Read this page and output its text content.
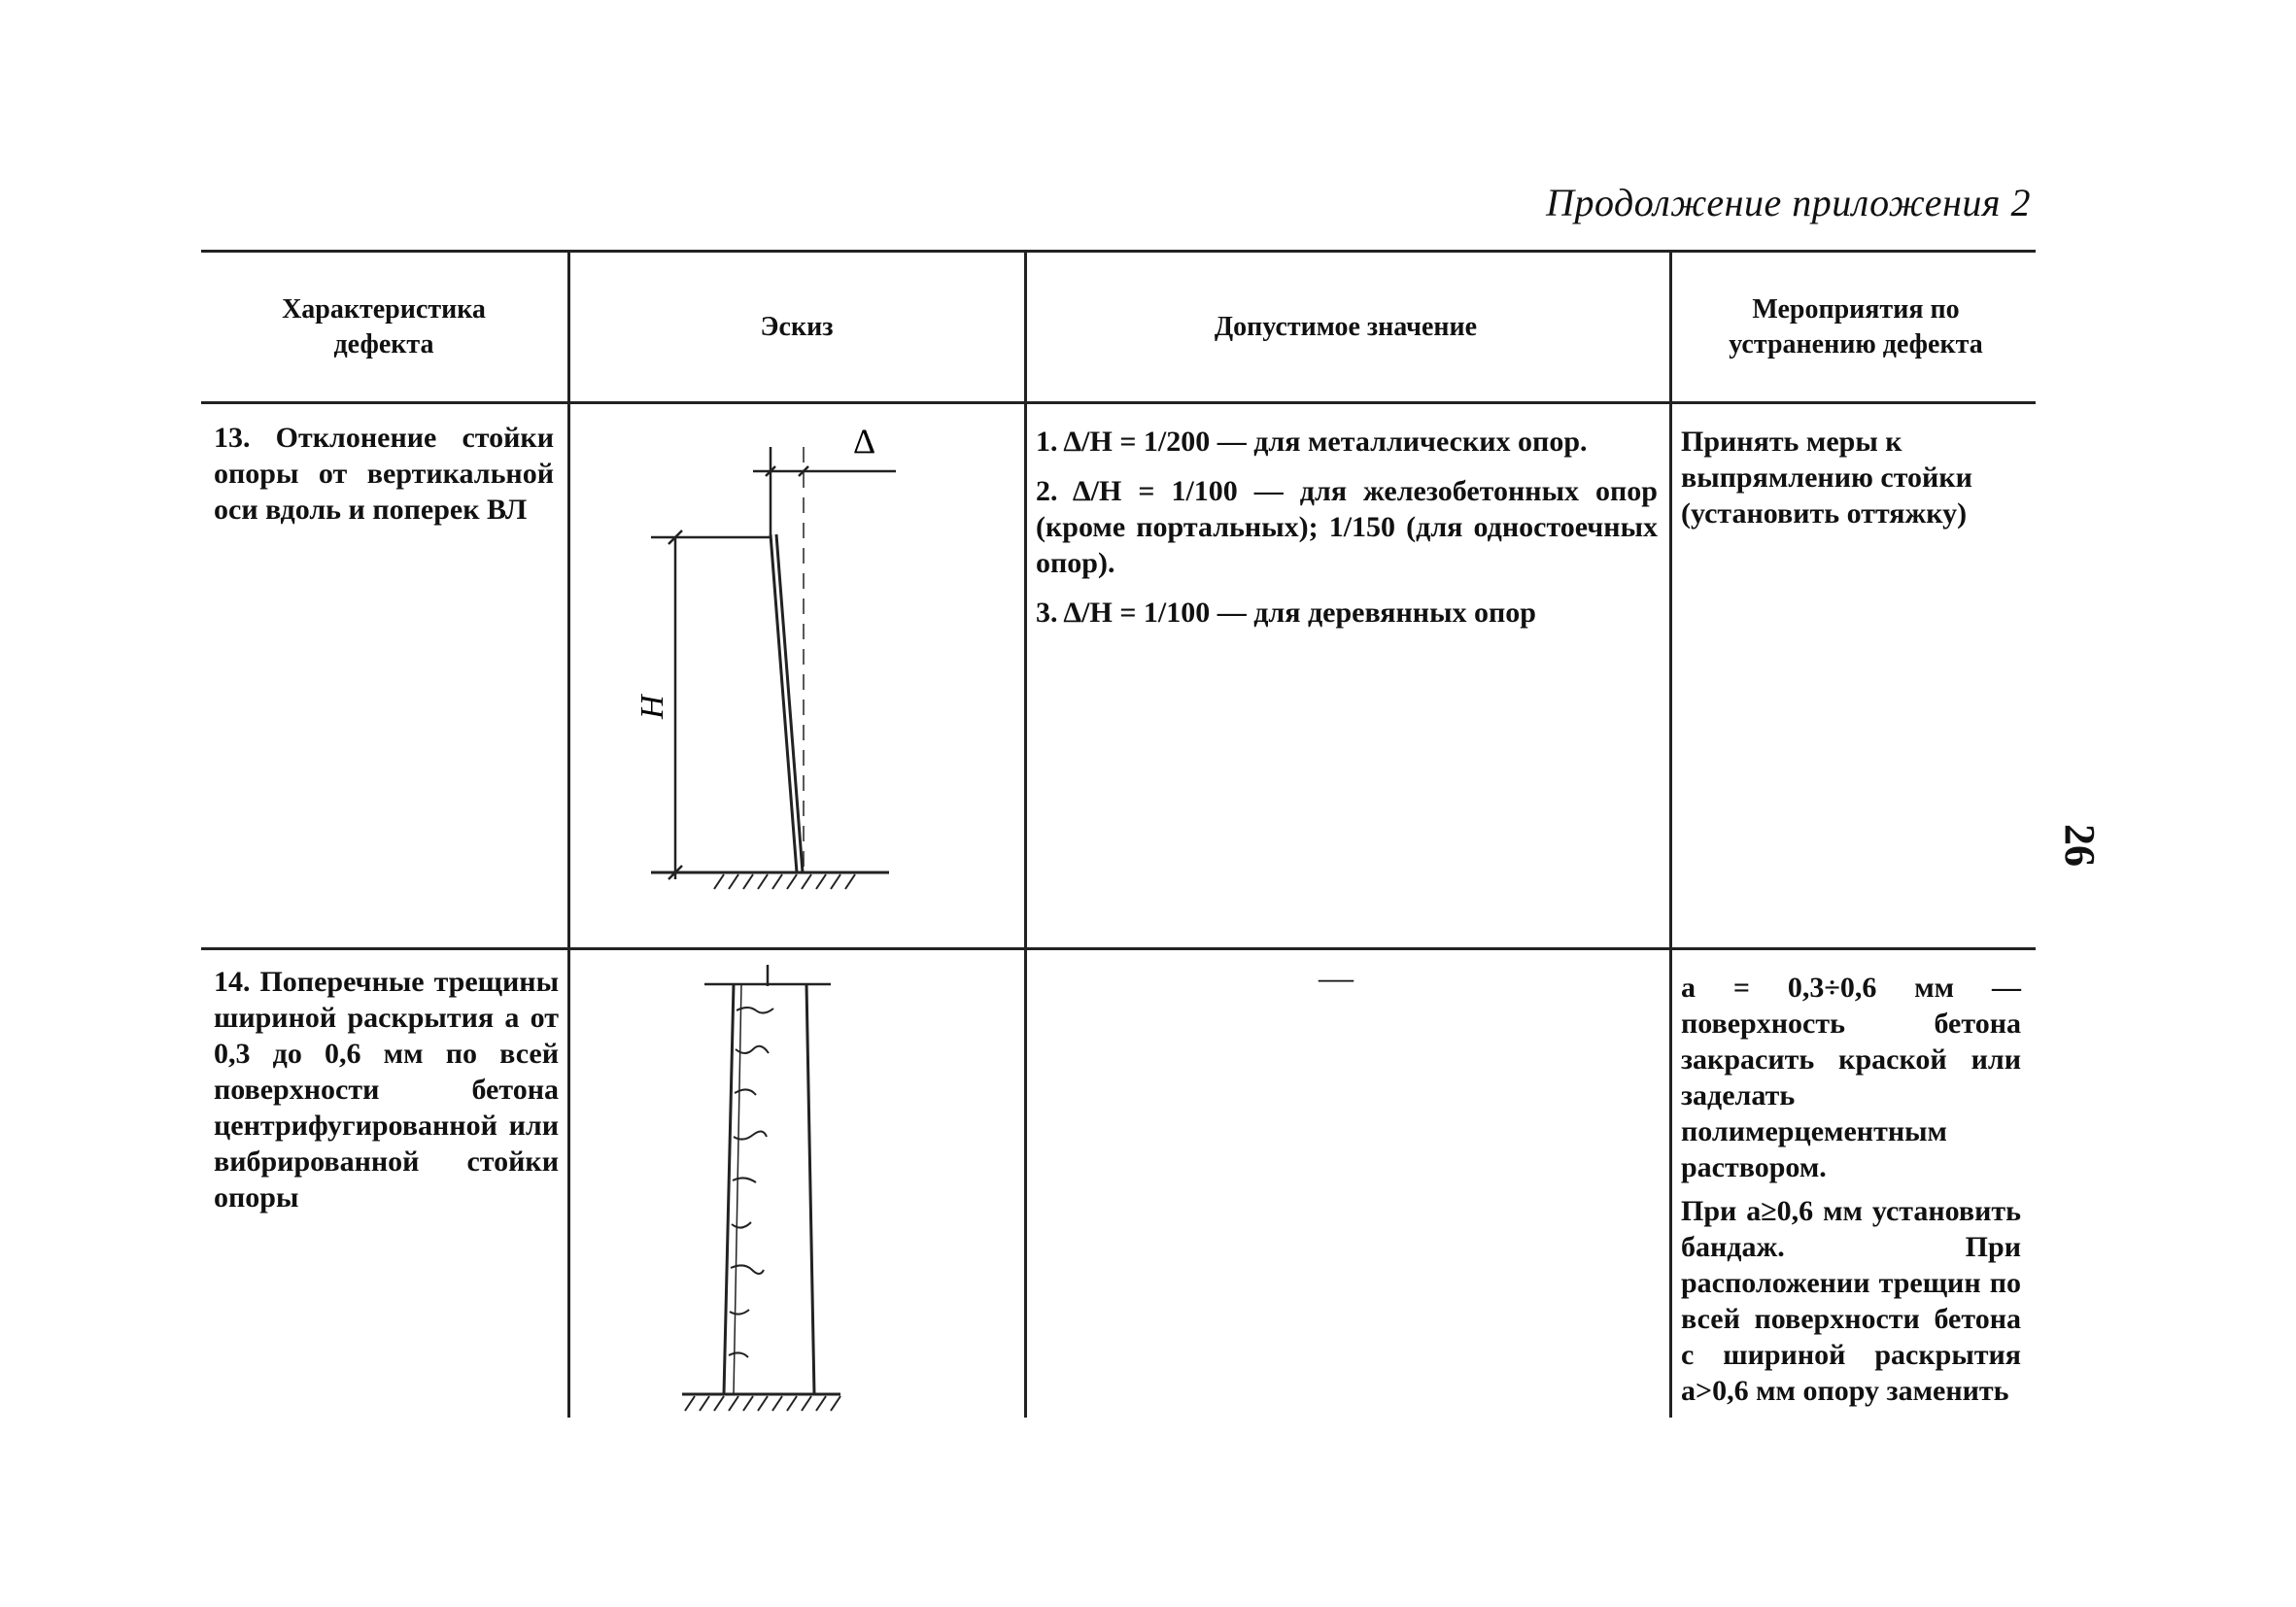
Продолжение приложения 2
26
Характеристика дефекта
Эскиз	Допустимое значение
Мероприятия по устранению дефекта
13. Отклонение стойки опоры от вертикальной оси вдоль и поперек ВЛ
Δ
H

1. Δ/H = 1/200 — для металлических опор.

2. Δ/H = 1/100 — для железобетонных опор (кроме портальных); 1/150 (для одностоечных опор).

3. Δ/H = 1/100 — для деревянных опор

Принять меры к выпрямлению стойки (установить оттяжку)
14. Поперечные трещины шириной раскрытия a от 0,3 до 0,6 мм по всей поверхности бетона центрифугированной или вибрированной стойки опоры
—	a = 0,3÷0,6 мм — поверхность бетона закрасить краской или заделать полимерцементным раствором.

При a≥0,6 мм установить бандаж. При расположении трещин по всей поверхности бетона с шириной раскрытия a>0,6 мм опору заменить
